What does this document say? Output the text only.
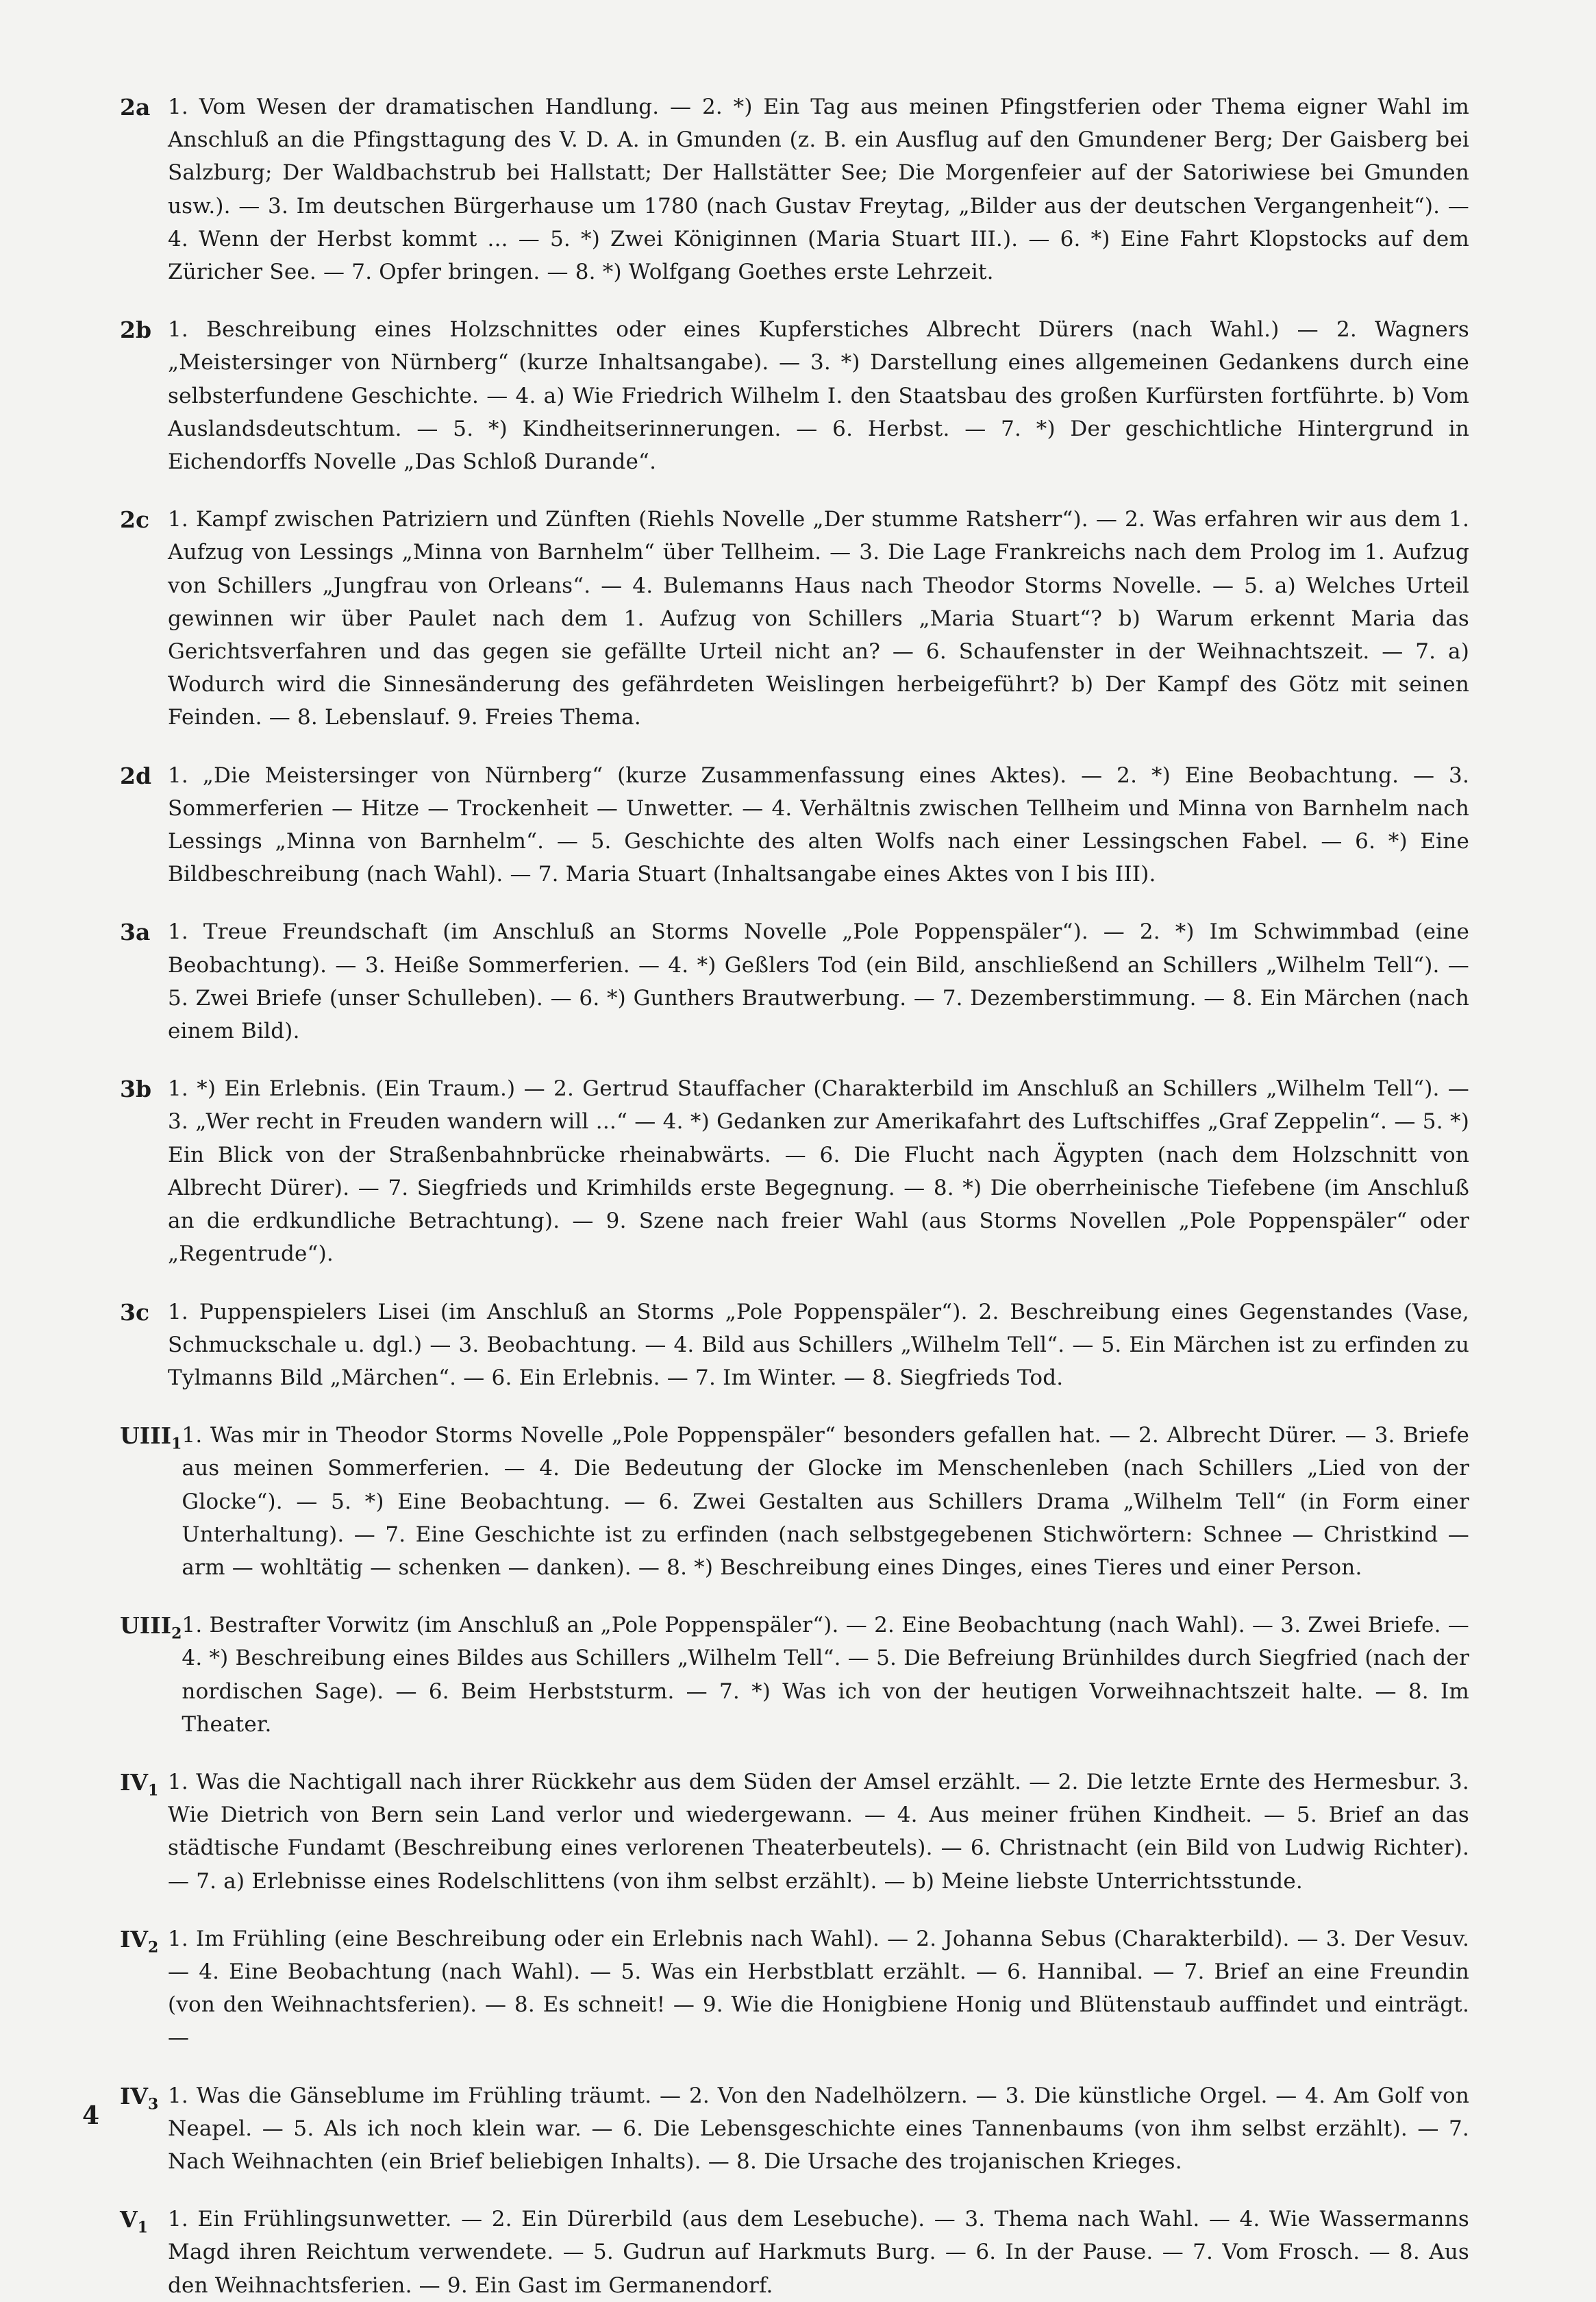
2a 1. Vom Wesen der dramatischen Handlung. — 2. *) Ein Tag aus meinen Pfingstferien oder Thema eigner Wahl im Anschluß an die Pfingsttagung des V. D. A. in Gmunden (z. B. ein Ausflug auf den Gmundener Berg; Der Gaisberg bei Salzburg; Der Waldbachstrub bei Hallstatt; Der Hallstätter See; Die Morgenfeier auf der Satoriwiese bei Gmunden usw.). — 3. Im deutschen Bürgerhause um 1780 (nach Gustav Freytag, „Bilder aus der deutschen Vergangenheit“). — 4. Wenn der Herbst kommt ... — 5. *) Zwei Königinnen (Maria Stuart III.). — 6. *) Eine Fahrt Klopstocks auf dem Züricher See. — 7. Opfer bringen. — 8. *) Wolfgang Goethes erste Lehrzeit.
2b 1. Beschreibung eines Holzschnittes oder eines Kupferstiches Albrecht Dürers (nach Wahl.) — 2. Wagners „Meistersinger von Nürnberg“ (kurze Inhaltsangabe). — 3. *) Darstellung eines allgemeinen Gedankens durch eine selbsterfundene Geschichte. — 4. a) Wie Friedrich Wilhelm I. den Staatsbau des großen Kurfürsten fortführte. b) Vom Auslandsdeutschtum. — 5. *) Kindheitserinnerungen. — 6. Herbst. — 7. *) Der geschichtliche Hintergrund in Eichendorffs Novelle „Das Schloß Durande“.
2c 1. Kampf zwischen Patriziern und Zünften (Riehls Novelle „Der stumme Ratsherr“). — 2. Was erfahren wir aus dem 1. Aufzug von Lessings „Minna von Barnhelm“ über Tellheim. — 3. Die Lage Frankreichs nach dem Prolog im 1. Aufzug von Schillers „Jungfrau von Orleans“. — 4. Bulemanns Haus nach Theodor Storms Novelle. — 5. a) Welches Urteil gewinnen wir über Paulet nach dem 1. Aufzug von Schillers „Maria Stuart“? b) Warum erkennt Maria das Gerichtsverfahren und das gegen sie gefällte Urteil nicht an? — 6. Schaufenster in der Weihnachtszeit. — 7. a) Wodurch wird die Sinnesänderung des gefährdeten Weislingen herbeigeführt? b) Der Kampf des Götz mit seinen Feinden. — 8. Lebenslauf. 9. Freies Thema.
2d 1. „Die Meistersinger von Nürnberg“ (kurze Zusammenfassung eines Aktes). — 2. *) Eine Beobachtung. — 3. Sommerferien — Hitze — Trockenheit — Unwetter. — 4. Verhältnis zwischen Tellheim und Minna von Barnhelm nach Lessings „Minna von Barnhelm“. — 5. Geschichte des alten Wolfs nach einer Lessingschen Fabel. — 6. *) Eine Bildbeschreibung (nach Wahl). — 7. Maria Stuart (Inhaltsangabe eines Aktes von I bis III).
3a 1. Treue Freundschaft (im Anschluß an Storms Novelle „Pole Poppenspäler“). — 2. *) Im Schwimmbad (eine Beobachtung). — 3. Heiße Sommerferien. — 4. *) Geßlers Tod (ein Bild, anschließend an Schillers „Wilhelm Tell“). — 5. Zwei Briefe (unser Schulleben). — 6. *) Gunthers Brautwerbung. — 7. Dezemberstimmung. — 8. Ein Märchen (nach einem Bild).
3b 1. *) Ein Erlebnis. (Ein Traum.) — 2. Gertrud Stauffacher (Charakterbild im Anschluß an Schillers „Wilhelm Tell“). — 3. „Wer recht in Freuden wandern will ...“ — 4. *) Gedanken zur Amerikafahrt des Luftschiffes „Graf Zeppelin“. — 5. *) Ein Blick von der Straßenbahnbrücke rheinabwärts. — 6. Die Flucht nach Ägypten (nach dem Holzschnitt von Albrecht Dürer). — 7. Siegfrieds und Krimhilds erste Begegnung. — 8. *) Die oberrheinische Tiefebene (im Anschluß an die erdkundliche Betrachtung). — 9. Szene nach freier Wahl (aus Storms Novellen „Pole Poppenspäler“ oder „Regentrude“).
3c 1. Puppenspielers Lisei (im Anschluß an Storms „Pole Poppenspäler“). 2. Beschreibung eines Gegenstandes (Vase, Schmuckschale u. dgl.) — 3. Beobachtung. — 4. Bild aus Schillers „Wilhelm Tell“. — 5. Ein Märchen ist zu erfinden zu Tylmanns Bild „Märchen“. — 6. Ein Erlebnis. — 7. Im Winter. — 8. Siegfrieds Tod.
$UIII_1$ 1. Was mir in Theodor Storms Novelle „Pole Poppenspäler“ besonders gefallen hat. — 2. Albrecht Dürer. — 3. Briefe aus meinen Sommerferien. — 4. Die Bedeutung der Glocke im Menschenleben (nach Schillers „Lied von der Glocke“). — 5. *) Eine Beobachtung. — 6. Zwei Gestalten aus Schillers Drama „Wilhelm Tell“ (in Form einer Unterhaltung). — 7. Eine Geschichte ist zu erfinden (nach selbstgegebenen Stichwörtern: Schnee — Christkind — arm — wohltätig — schenken — danken). — 8. *) Beschreibung eines Dinges, eines Tieres und einer Person.
$UIII_2$ 1. Bestrafter Vorwitz (im Anschluß an „Pole Poppenspäler“). — 2. Eine Beobachtung (nach Wahl). — 3. Zwei Briefe. — 4. *) Beschreibung eines Bildes aus Schillers „Wilhelm Tell“. — 5. Die Befreiung Brünhildes durch Siegfried (nach der nordischen Sage). — 6. Beim Herbststurm. — 7. *) Was ich von der heutigen Vorweihnachtszeit halte. — 8. Im Theater.
$IV_1$ 1. Was die Nachtigall nach ihrer Rückkehr aus dem Süden der Amsel erzählt. — 2. Die letzte Ernte des Hermesbur. 3. Wie Dietrich von Bern sein Land verlor und wiedergewann. — 4. Aus meiner frühen Kindheit. — 5. Brief an das städtische Fundamt (Beschreibung eines verlorenen Theaterbeutels). — 6. Christnacht (ein Bild von Ludwig Richter). — 7. a) Erlebnisse eines Rodelschlittens (von ihm selbst erzählt). — b) Meine liebste Unterrichtsstunde.
$IV_2$ 1. Im Frühling (eine Beschreibung oder ein Erlebnis nach Wahl). — 2. Johanna Sebus (Charakterbild). — 3. Der Vesuv. — 4. Eine Beobachtung (nach Wahl). — 5. Was ein Herbstblatt erzählt. — 6. Hannibal. — 7. Brief an eine Freundin (von den Weihnachtsferien). — 8. Es schneit! — 9. Wie die Honigbiene Honig und Blütenstaub auffindet und einträgt. —
$IV_3$ 1. Was die Gänseblume im Frühling träumt. — 2. Von den Nadelhölzern. — 3. Die künstliche Orgel. — 4. Am Golf von Neapel. — 5. Als ich noch klein war. — 6. Die Lebensgeschichte eines Tannenbaums (von ihm selbst erzählt). — 7. Nach Weihnachten (ein Brief beliebigen Inhalts). — 8. Die Ursache des trojanischen Krieges.
$V_1$ 1. Ein Frühlingsunwetter. — 2. Ein Dürerbild (aus dem Lesebuche). — 3. Thema nach Wahl. — 4. Wie Wassermanns Magd ihren Reichtum verwendete. — 5. Gudrun auf Harkmuts Burg. — 6. In der Pause. — 7. Vom Frosch. — 8. Aus den Weihnachtsferien. — 9. Ein Gast im Germanendorf.
4
